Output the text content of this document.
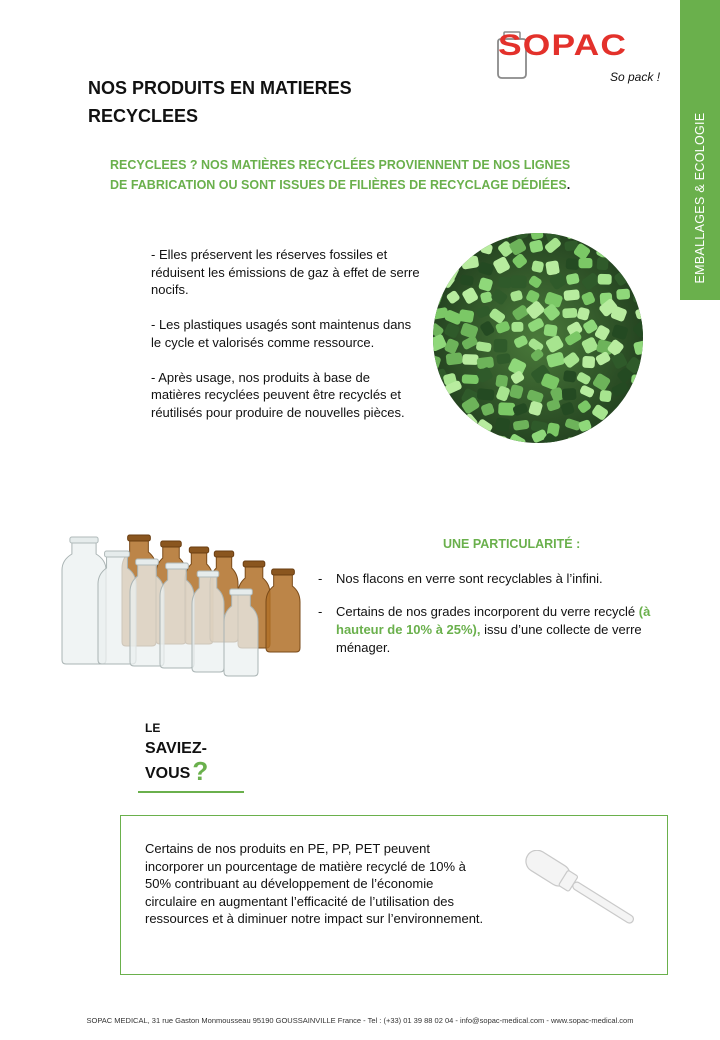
EMBALLAGES & ECOLOGIE
SOPAC
So pack !
NOS PRODUITS EN MATIERES
RECYCLEES
RECYCLEES ? NOS MATIÈRES RECYCLÉES PROVIENNENT DE NOS LIGNES DE FABRICATION OU SONT ISSUES DE FILIÈRES DE RECYCLAGE DÉDIÉES.

- Elles préservent les réserves fossiles et réduisent les émissions de gaz à effet de serre nocifs.

- Les plastiques usagés sont maintenus dans le cycle et valorisés comme ressource.

- Après usage, nos produits à base de matières recyclées peuvent être recyclés et réutilisés pour produire de nouvelles pièces.

UNE PARTICULARITÉ :
- Nos flacons en verre sont recyclables à l’infini.
- Certains de nos grades incorporent du verre recyclé (à hauteur de 10% à 25%), issu d’une collecte de verre ménager.
LE
SAVIEZ-
VOUS?
Certains de nos produits en PE, PP, PET peuvent incorporer un pourcentage de matière recyclé de 10% à 50% contribuant au développement de l’économie circulaire en augmentant l’efficacité de l’utilisation des ressources et à diminuer notre impact sur l’environnement.
SOPAC MEDICAL, 31 rue Gaston Monmousseau 95190 GOUSSAINVILLE France - Tel : (+33) 01 39 88 02 04 - info@sopac-medical.com - www.sopac-medical.com
